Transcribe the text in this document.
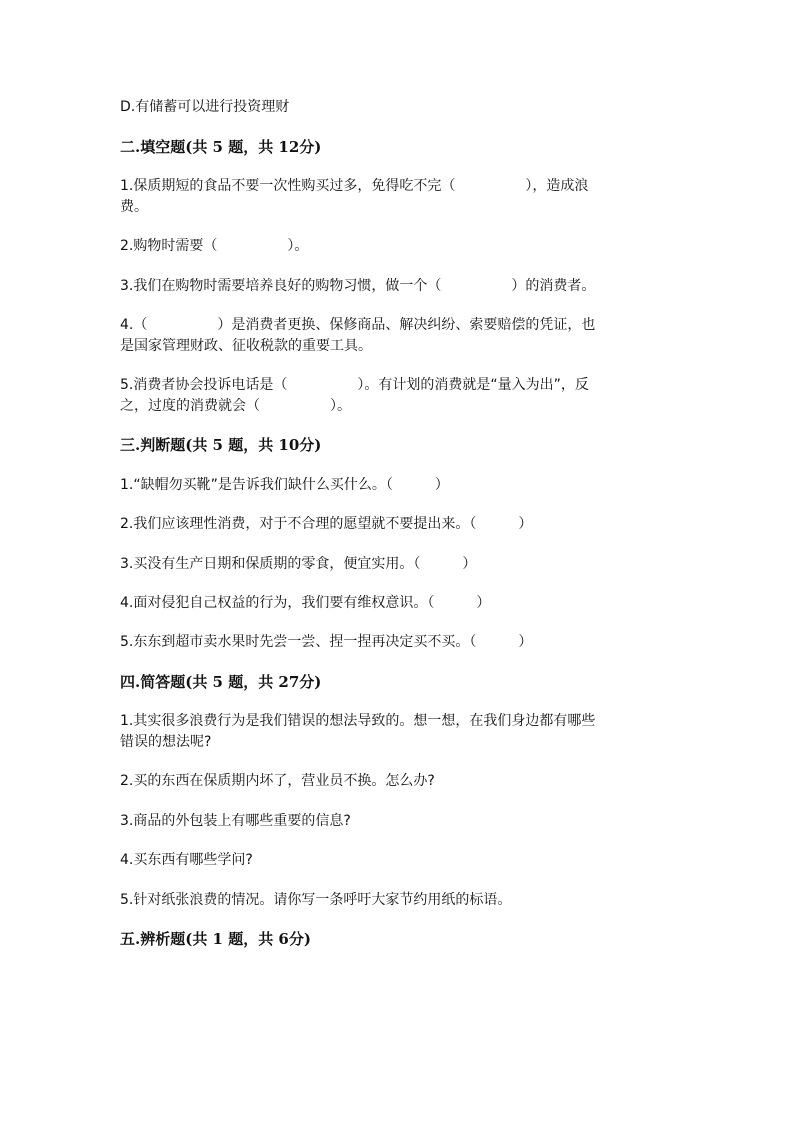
D.有储蓄可以进行投资理财
二.填空题(共 5 题，共 12分)
1.保质期短的食品不要一次性购买过多，免得吃不完（　　　　　），造成浪
费。
2.购物时需要（　　　　　）。
3.我们在购物时需要培养良好的购物习惯，做一个（　　　　　）的消费者。
4.（　　　　　）是消费者更换、保修商品、解决纠纷、索要赔偿的凭证，也
是国家管理财政、征收税款的重要工具。
5.消费者协会投诉电话是（　　　　　）。有计划的消费就是“量入为出”，反
之，过度的消费就会（　　　　　）。
三.判断题(共 5 题，共 10分)
1.“缺帽勿买靴”是告诉我们缺什么买什么。（　　　）
2.我们应该理性消费，对于不合理的愿望就不要提出来。（　　　）
3.买没有生产日期和保质期的零食，便宜实用。（　　　）
4.面对侵犯自己权益的行为，我们要有维权意识。（　　　）
5.东东到超市卖水果时先尝一尝、捏一捏再决定买不买。（　　　）
四.简答题(共 5 题，共 27分)
1.其实很多浪费行为是我们错误的想法导致的。想一想，在我们身边都有哪些
错误的想法呢?
2.买的东西在保质期内坏了，营业员不换。怎么办?
3.商品的外包装上有哪些重要的信息?
4.买东西有哪些学问?
5.针对纸张浪费的情况。请你写一条呼吁大家节约用纸的标语。
五.辨析题(共 1 题，共 6分)
